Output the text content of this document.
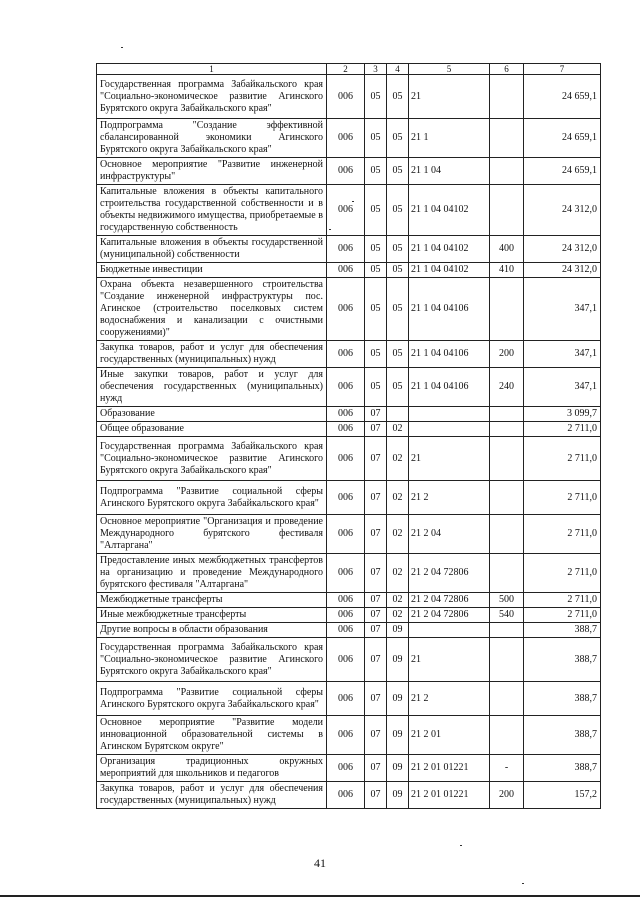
1	2	3	4	5	6	7
Государственная программа Забайкальского края "Социально-экономическое развитие Агинского Бурятского округа Забайкальского края"	006	05	05	21		24 659,1
Подпрограмма "Создание эффективной сбалансированной экономики Агинского Бурятского округа Забайкальского края"	006	05	05	21 1		24 659,1
Основное мероприятие "Развитие инженерной инфраструктуры"	006	05	05	21 1 04		24 659,1
Капитальные вложения в объекты капитального строительства государственной собственности и в объекты недвижимого имущества, приобретаемые в государственную собственность	006	05	05	21 1 04 04102		24 312,0
Капитальные вложения в объекты государственной (муниципальной) собственности	006	05	05	21 1 04 04102	400	24 312,0
Бюджетные инвестиции	006	05	05	21 1 04 04102	410	24 312,0
Охрана объекта незавершенного строительства "Создание инженерной инфраструктуры пос. Агинское (строительство поселковых систем водоснабжения и канализации с очистными сооружениями)"	006	05	05	21 1 04 04106		347,1
Закупка товаров, работ и услуг для обеспечения государственных (муниципальных) нужд	006	05	05	21 1 04 04106	200	347,1
Иные закупки товаров, работ и услуг для обеспечения государственных (муниципальных) нужд	006	05	05	21 1 04 04106	240	347,1
Образование	006	07				3 099,7
Общее образование	006	07	02			2 711,0
Государственная программа Забайкальского края "Социально-экономическое развитие Агинского Бурятского округа Забайкальского края"	006	07	02	21		2 711,0
Подпрограмма "Развитие социальной сферы Агинского Бурятского округа Забайкальского края"	006	07	02	21 2		2 711,0
Основное мероприятие "Организация и проведение Международного бурятского фестиваля "Алтаргана"	006	07	02	21 2 04		2 711,0
Предоставление иных межбюджетных трансфертов на организацию и проведение Международного бурятского фестиваля "Алтаргана"	006	07	02	21 2 04 72806		2 711,0
Межбюджетные трансферты	006	07	02	21 2 04 72806	500	2 711,0
Иные межбюджетные трансферты	006	07	02	21 2 04 72806	540	2 711,0
Другие вопросы в области образования	006	07	09			388,7
Государственная программа Забайкальского края "Социально-экономическое развитие Агинского Бурятского округа Забайкальского края"	006	07	09	21		388,7
Подпрограмма "Развитие социальной сферы Агинского Бурятского округа Забайкальского края"	006	07	09	21 2		388,7
Основное мероприятие "Развитие модели инновационной образовательной системы в Агинском Бурятском округе"	006	07	09	21 2 01		388,7
Организация традиционных окружных мероприятий для школьников и педагогов	006	07	09	21 2 01 01221	-	388,7
Закупка товаров, работ и услуг для обеспечения государственных (муниципальных) нужд	006	07	09	21 2 01 01221	200	157,2
41
